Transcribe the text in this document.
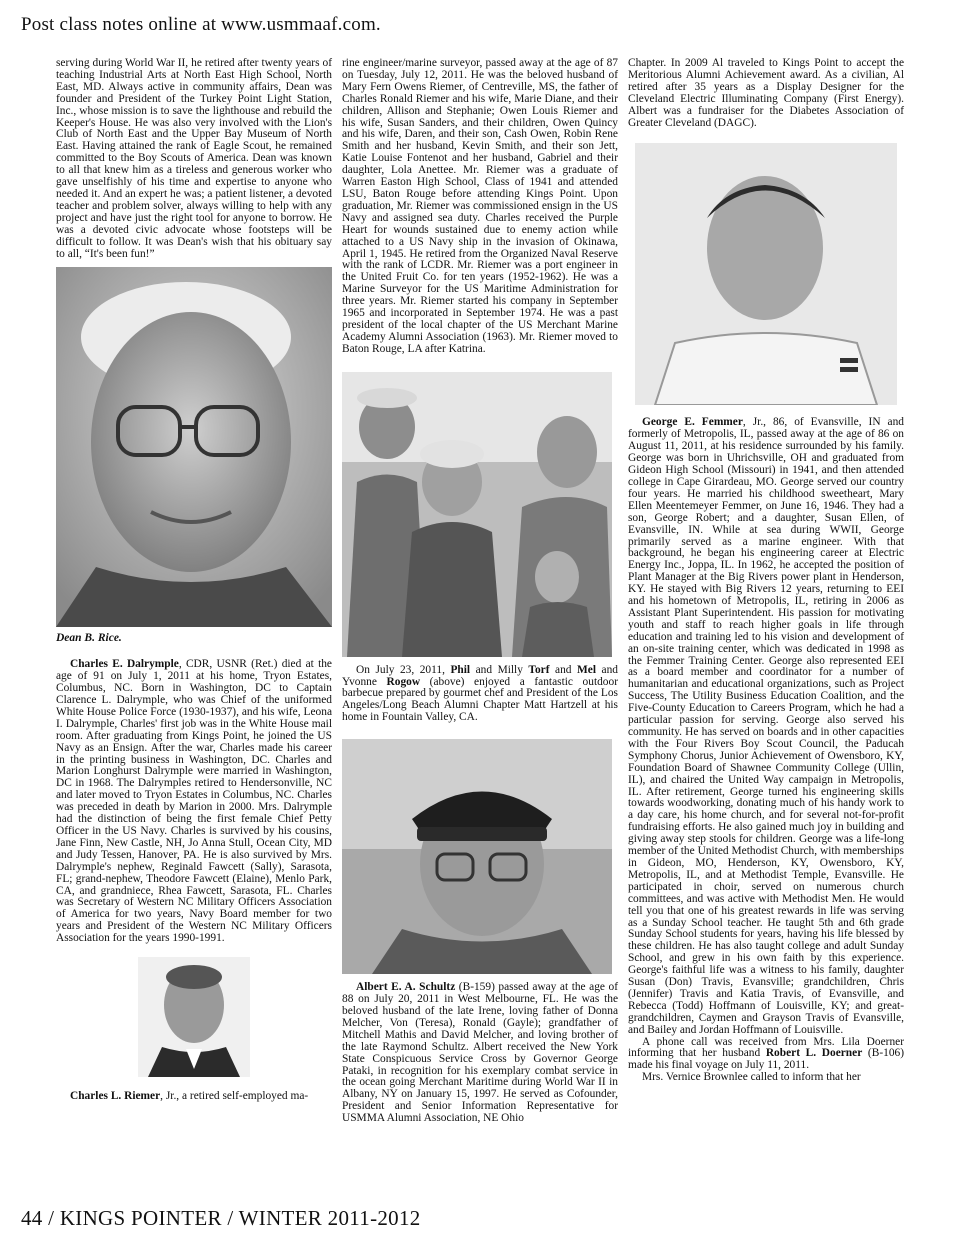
Post class notes online at www.usmmaaf.com.

serving during World War II, he retired after twenty years of teaching Industrial Arts at North East High School, North East, MD. Always active in community affairs, Dean was founder and President of the Turkey Point Light Station, Inc., whose mission is to save the lighthouse and rebuild the Keeper's House. He was also very involved with the Lion's Club of North East and the Upper Bay Museum of North East. Having attained the rank of Eagle Scout, he remained committed to the Boy Scouts of America. Dean was known to all that knew him as a tireless and generous worker who gave unselfishly of his time and expertise to anyone who needed it. And an expert he was; a patient listener, a devoted teacher and problem solver, always willing to help with any project and have just the right tool for anyone to borrow. He was a devoted civic advocate whose footsteps will be difficult to follow. It was Dean's wish that his obituary say to all, “It's been fun!”

Dean B. Rice.

Charles E. Dalrymple, CDR, USNR (Ret.) died at the age of 91 on July 1, 2011 at his home, Tryon Estates, Columbus, NC. Born in Washington, DC to Captain Clarence L. Dalrymple, who was Chief of the uniformed White House Police Force (1930-1937), and his wife, Leona I. Dalrymple, Charles' first job was in the White House mail room. After graduating from Kings Point, he joined the US Navy as an Ensign. After the war, Charles made his career in the printing business in Washington, DC. Charles and Marion Longhurst Dalrymple were married in Washington, DC in 1968. The Dalrymples retired to Hendersonville, NC and later moved to Tryon Estates in Columbus, NC. Charles was preceded in death by Marion in 2000. Mrs. Dalrymple had the distinction of being the first female Chief Petty Officer in the US Navy. Charles is survived by his cousins, Jane Finn, New Castle, NH, Jo Anna Stull, Ocean City, MD and Judy Tessen, Hanover, PA. He is also survived by Mrs. Dalrymple's nephew, Reginald Fawcett (Sally), Sarasota, FL; grand-nephew, Theodore Fawcett (Elaine), Menlo Park, CA, and grandniece, Rhea Fawcett, Sarasota, FL. Charles was Secretary of Western NC Military Officers Association of America for two years, Navy Board member for two years and President of the Western NC Military Officers Association for the years 1990-1991.

Charles L. Riemer, Jr., a retired self-employed ma-

rine engineer/marine surveyor, passed away at the age of 87 on Tuesday, July 12, 2011. He was the beloved husband of Mary Fern Owens Riemer, of Centreville, MS, the father of Charles Ronald Riemer and his wife, Marie Diane, and their children, Allison and Stephanie; Owen Louis Riemer and his wife, Susan Sanders, and their children, Owen Quincy and his wife, Daren, and their son, Cash Owen, Robin Rene Smith and her husband, Kevin Smith, and their son Jett, Katie Louise Fontenot and her husband, Gabriel and their daughter, Lola Anettee. Mr. Riemer was a graduate of Warren Easton High School, Class of 1941 and attended LSU, Baton Rouge before attending Kings Point. Upon graduation, Mr. Riemer was commissioned ensign in the US Navy and assigned sea duty. Charles received the Purple Heart for wounds sustained due to enemy action while attached to a US Navy ship in the invasion of Okinawa, April 1, 1945. He retired from the Organized Naval Reserve with the rank of LCDR. Mr. Riemer was a port engineer in the United Fruit Co. for ten years (1952-1962). He was a Marine Surveyor for the US Maritime Administration for three years. Mr. Riemer started his company in September 1965 and incorporated in September 1974. He was a past president of the local chapter of the US Merchant Marine Academy Alumni Association (1963). Mr. Riemer moved to Baton Rouge, LA after Katrina.

On July 23, 2011, Phil and Milly Torf and Mel and Yvonne Rogow (above) enjoyed a fantastic outdoor barbecue prepared by gourmet chef and President of the Los Angeles/Long Beach Alumni Chapter Matt Hartzell at his home in Fountain Valley, CA.

Albert E. A. Schultz (B-159) passed away at the age of 88 on July 20, 2011 in West Melbourne, FL. He was the beloved husband of the late Irene, loving father of Donna Melcher, Von (Teresa), Ronald (Gayle); grandfather of Mitchell Mathis and David Melcher, and loving brother of the late Raymond Schultz. Albert received the New York State Conspicuous Service Cross by Governor George Pataki, in recognition for his exemplary combat service in the ocean going Merchant Maritime during World War II in Albany, NY on January 15, 1997. He served as Cofounder, President and Senior Information Representative for USMMA Alumni Association, NE Ohio

Chapter. In 2009 Al traveled to Kings Point to accept the Meritorious Alumni Achievement award. As a civilian, Al retired after 35 years as a Display Designer for the Cleveland Electric Illuminating Company (First Energy). Albert was a fundraiser for the Diabetes Association of Greater Cleveland (DAGC).

George E. Femmer, Jr., 86, of Evansville, IN and formerly of Metropolis, IL, passed away at the age of 86 on August 11, 2011, at his residence surrounded by his family. George was born in Uhrichsville, OH and graduated from Gideon High School (Missouri) in 1941, and then attended college in Cape Girardeau, MO. George served our country four years. He married his childhood sweetheart, Mary Ellen Meentemeyer Femmer, on June 16, 1946. They had a son, George Robert; and a daughter, Susan Ellen, of Evansville, IN. While at sea during WWII, George primarily served as a marine engineer. With that background, he began his engineering career at Electric Energy Inc., Joppa, IL. In 1962, he accepted the position of Plant Manager at the Big Rivers power plant in Henderson, KY. He stayed with Big Rivers 12 years, returning to EEI and his hometown of Metropolis, IL, retiring in 2006 as Assistant Plant Superintendent. His passion for motivating youth and staff to reach higher goals in life through education and training led to his vision and development of an on-site training center, which was dedicated in 1998 as the Femmer Training Center. George also represented EEI as a board member and coordinator for a number of humanitarian and educational organizations, such as Project Success, The Utility Business Education Coalition, and the Five-County Education to Careers Program, which he had a particular passion for serving. George also served his community. He has served on boards and in other capacities with the Four Rivers Boy Scout Council, the Paducah Symphony Chorus, Junior Achievement of Owensboro, KY, Foundation Board of Shawnee Community College (Ullin, IL), and chaired the United Way campaign in Metropolis, IL. After retirement, George turned his engineering skills towards woodworking, donating much of his handy work to a day care, his home church, and for several not-for-profit fundraising efforts. He also gained much joy in building and giving away step stools for children. George was a life-long member of the United Methodist Church, with memberships in Gideon, MO, Henderson, KY, Owensboro, KY, Metropolis, IL, and at Methodist Temple, Evansville. He participated in choir, served on numerous church committees, and was active with Methodist Men. He would tell you that one of his greatest rewards in life was serving as a Sunday School teacher. He taught 5th and 6th grade Sunday School students for years, having his life blessed by these children. He has also taught college and adult Sunday School, and grew in his own faith by this experience. George's faithful life was a witness to his family, daughter Susan (Don) Travis, Evansville; grandchildren, Chris (Jennifer) Travis and Katia Travis, of Evansville, and Rebecca (Todd) Hoffmann of Louisville, KY; and great-grandchildren, Caymen and Grayson Travis of Evansville, and Bailey and Jordan Hoffmann of Louisville.

A phone call was received from Mrs. Lila Doerner informing that her husband Robert L. Doerner (B-106) made his final voyage on July 11, 2011.

Mrs. Vernice Brownlee called to inform that her

44 / KINGS POINTER / WINTER 2011-2012
